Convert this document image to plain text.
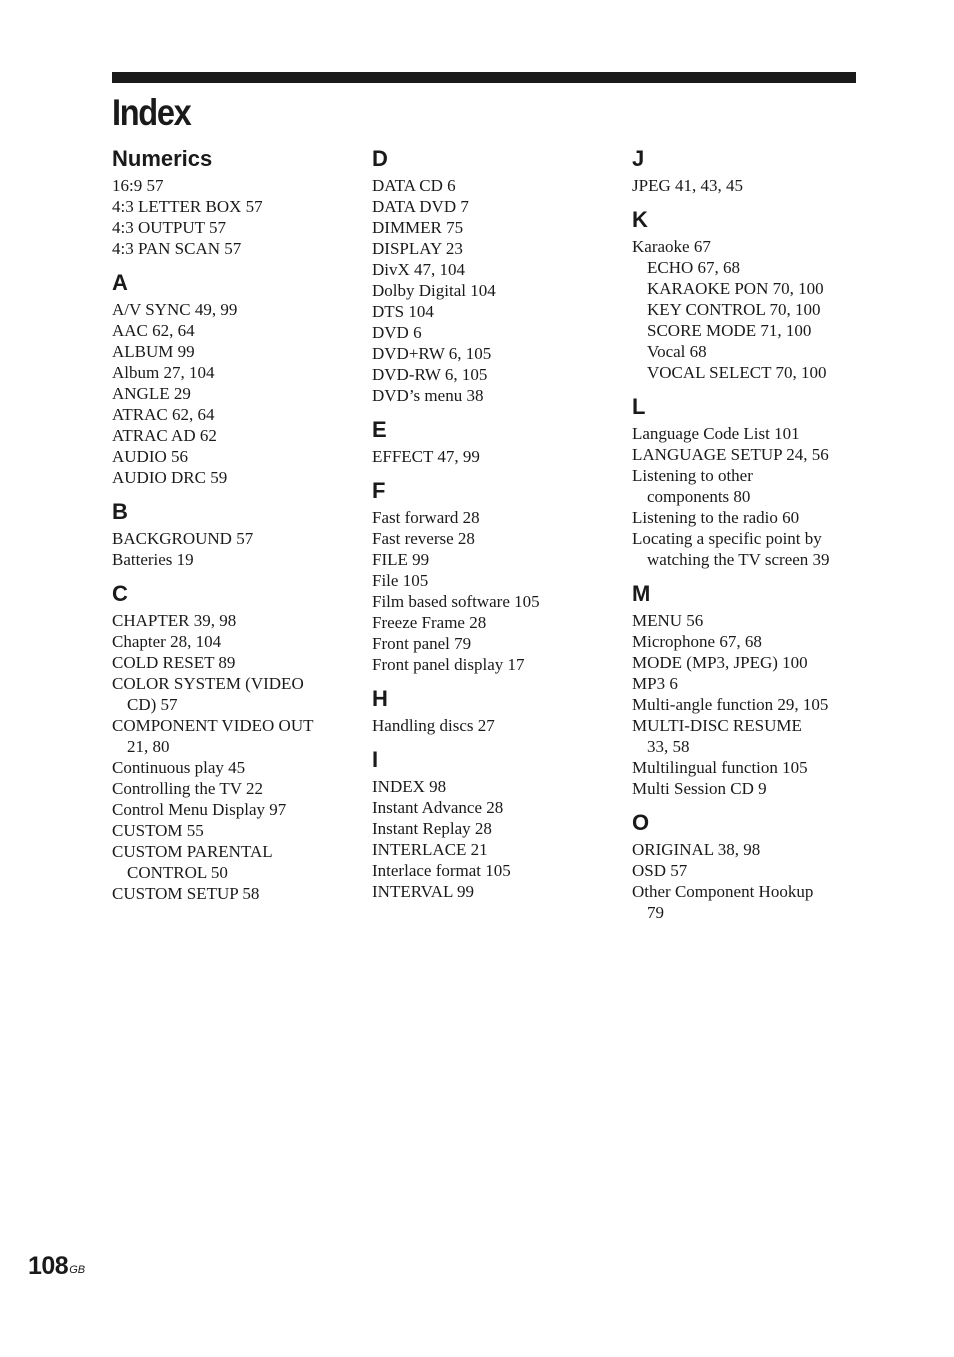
Index
Numerics
16:9 57
4:3 LETTER BOX 57
4:3 OUTPUT 57
4:3 PAN SCAN 57
A
A/V SYNC 49, 99
AAC 62, 64
ALBUM 99
Album 27, 104
ANGLE 29
ATRAC 62, 64
ATRAC AD 62
AUDIO 56
AUDIO DRC 59
B
BACKGROUND 57
Batteries 19
C
CHAPTER 39, 98
Chapter 28, 104
COLD RESET 89
COLOR SYSTEM (VIDEO
CD) 57
COMPONENT VIDEO OUT
21, 80
Continuous play 45
Controlling the TV 22
Control Menu Display 97
CUSTOM 55
CUSTOM PARENTAL
CONTROL 50
CUSTOM SETUP 58
D
DATA CD 6
DATA DVD 7
DIMMER 75
DISPLAY 23
DivX 47, 104
Dolby Digital 104
DTS 104
DVD 6
DVD+RW 6, 105
DVD-RW 6, 105
DVD’s menu 38
E
EFFECT 47, 99
F
Fast forward 28
Fast reverse 28
FILE 99
File 105
Film based software 105
Freeze Frame 28
Front panel 79
Front panel display 17
H
Handling discs 27
I
INDEX 98
Instant Advance 28
Instant Replay 28
INTERLACE 21
Interlace format 105
INTERVAL 99
J
JPEG 41, 43, 45
K
Karaoke 67
ECHO 67, 68
KARAOKE PON 70, 100
KEY CONTROL 70, 100
SCORE MODE 71, 100
Vocal 68
VOCAL SELECT 70, 100
L
Language Code List 101
LANGUAGE SETUP 24, 56
Listening to other
components 80
Listening to the radio 60
Locating a specific point by
watching the TV screen 39
M
MENU 56
Microphone 67, 68
MODE (MP3, JPEG) 100
MP3 6
Multi-angle function 29, 105
MULTI-DISC RESUME
33, 58
Multilingual function 105
Multi Session CD 9
O
ORIGINAL 38, 98
OSD 57
Other Component Hookup
79
$108^{GB}$
